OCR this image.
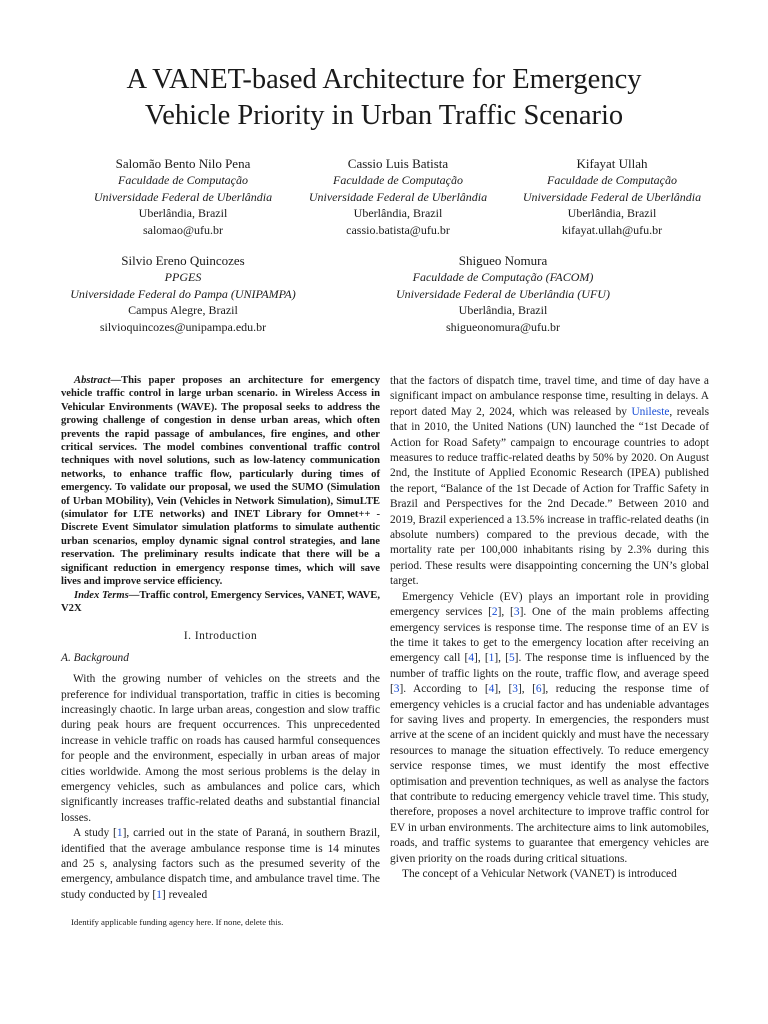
A VANET-based Architecture for Emergency
Vehicle Priority in Urban Traffic Scenario
Salomão Bento Nilo Pena
Faculdade de Computação
Universidade Federal de Uberlândia
Uberlândia, Brazil
salomao@ufu.br
Cassio Luis Batista
Faculdade de Computação
Universidade Federal de Uberlândia
Uberlândia, Brazil
cassio.batista@ufu.br
Kifayat Ullah
Faculdade de Computação
Universidade Federal de Uberlândia
Uberlândia, Brazil
kifayat.ullah@ufu.br
Silvio Ereno Quincozes
PPGES
Universidade Federal do Pampa (UNIPAMPA)
Campus Alegre, Brazil
silvioquincozes@unipampa.edu.br
Shigueo Nomura
Faculdade de Computação (FACOM)
Universidade Federal de Uberlândia (UFU)
Uberlândia, Brazil
shigueonomura@ufu.br

Abstract—This paper proposes an architecture for emergency vehicle traffic control in large urban scenario. in Wireless Access in Vehicular Environments (WAVE). The proposal seeks to address the growing challenge of congestion in dense urban areas, which often prevents the rapid passage of ambulances, fire engines, and other critical services. The model combines conventional traffic control techniques with novel solutions, such as low-latency communication networks, to enhance traffic flow, particularly during times of emergency. To validate our proposal, we used the SUMO (Simulation of Urban MObility), Vein (Vehicles in Network Simulation), SimuLTE (simulator for LTE networks) and INET Library for Omnet++ - Discrete Event Simulator simulation platforms to simulate authentic urban scenarios, employ dynamic signal control strategies, and lane reservation. The preliminary results indicate that there will be a significant reduction in emergency response times, which will save lives and improve service efficiency.

Index Terms—Traffic control, Emergency Services, VANET, WAVE, V2X

I. Introduction
A. Background

With the growing number of vehicles on the streets and the preference for individual transportation, traffic in cities is becoming increasingly chaotic. In large urban areas, congestion and slow traffic during peak hours are frequent occurrences. This unprecedented increase in vehicle traffic on roads has caused harmful consequences for people and the environment, especially in urban areas of major cities worldwide. Among the most serious problems is the delay in emergency vehicles, such as ambulances and police cars, which significantly increases traffic-related deaths and substantial financial losses.

A study [1], carried out in the state of Paraná, in southern Brazil, identified that the average ambulance response time is 14 minutes and 25 s, analysing factors such as the presumed severity of the emergency, ambulance dispatch time, and ambulance travel time. The study conducted by [1] revealed

Identify applicable funding agency here. If none, delete this.

that the factors of dispatch time, travel time, and time of day have a significant impact on ambulance response time, resulting in delays. A report dated May 2, 2024, which was released by Unileste, reveals that in 2010, the United Nations (UN) launched the “1st Decade of Action for Road Safety” campaign to encourage countries to adopt measures to reduce traffic-related deaths by 50% by 2020. On August 2nd, the Institute of Applied Economic Research (IPEA) published the report, “Balance of the 1st Decade of Action for Traffic Safety in Brazil and Perspectives for the 2nd Decade.” Between 2010 and 2019, Brazil experienced a 13.5% increase in traffic-related deaths (in absolute numbers) compared to the previous decade, with the mortality rate per 100,000 inhabitants rising by 2.3% during this period. These results were disappointing concerning the UN’s global target.

Emergency Vehicle (EV) plays an important role in providing emergency services [2], [3]. One of the main problems affecting emergency services is response time. The response time of an EV is the time it takes to get to the emergency location after receiving an emergency call [4], [1], [5]. The response time is influenced by the number of traffic lights on the route, traffic flow, and average speed [3]. According to [4], [3], [6], reducing the response time of emergency vehicles is a crucial factor and has undeniable advantages for saving lives and property. In emergencies, the responders must arrive at the scene of an incident quickly and must have the necessary resources to manage the situation effectively. To reduce emergency service response times, we must identify the most effective optimisation and prevention techniques, as well as analyse the factors that contribute to reducing emergency vehicle travel time. This study, therefore, proposes a novel architecture to improve traffic control for EV in urban environments. The architecture aims to link automobiles, roads, and traffic systems to guarantee that emergency vehicles are given priority on the roads during critical situations.

The concept of a Vehicular Network (VANET) is introduced
